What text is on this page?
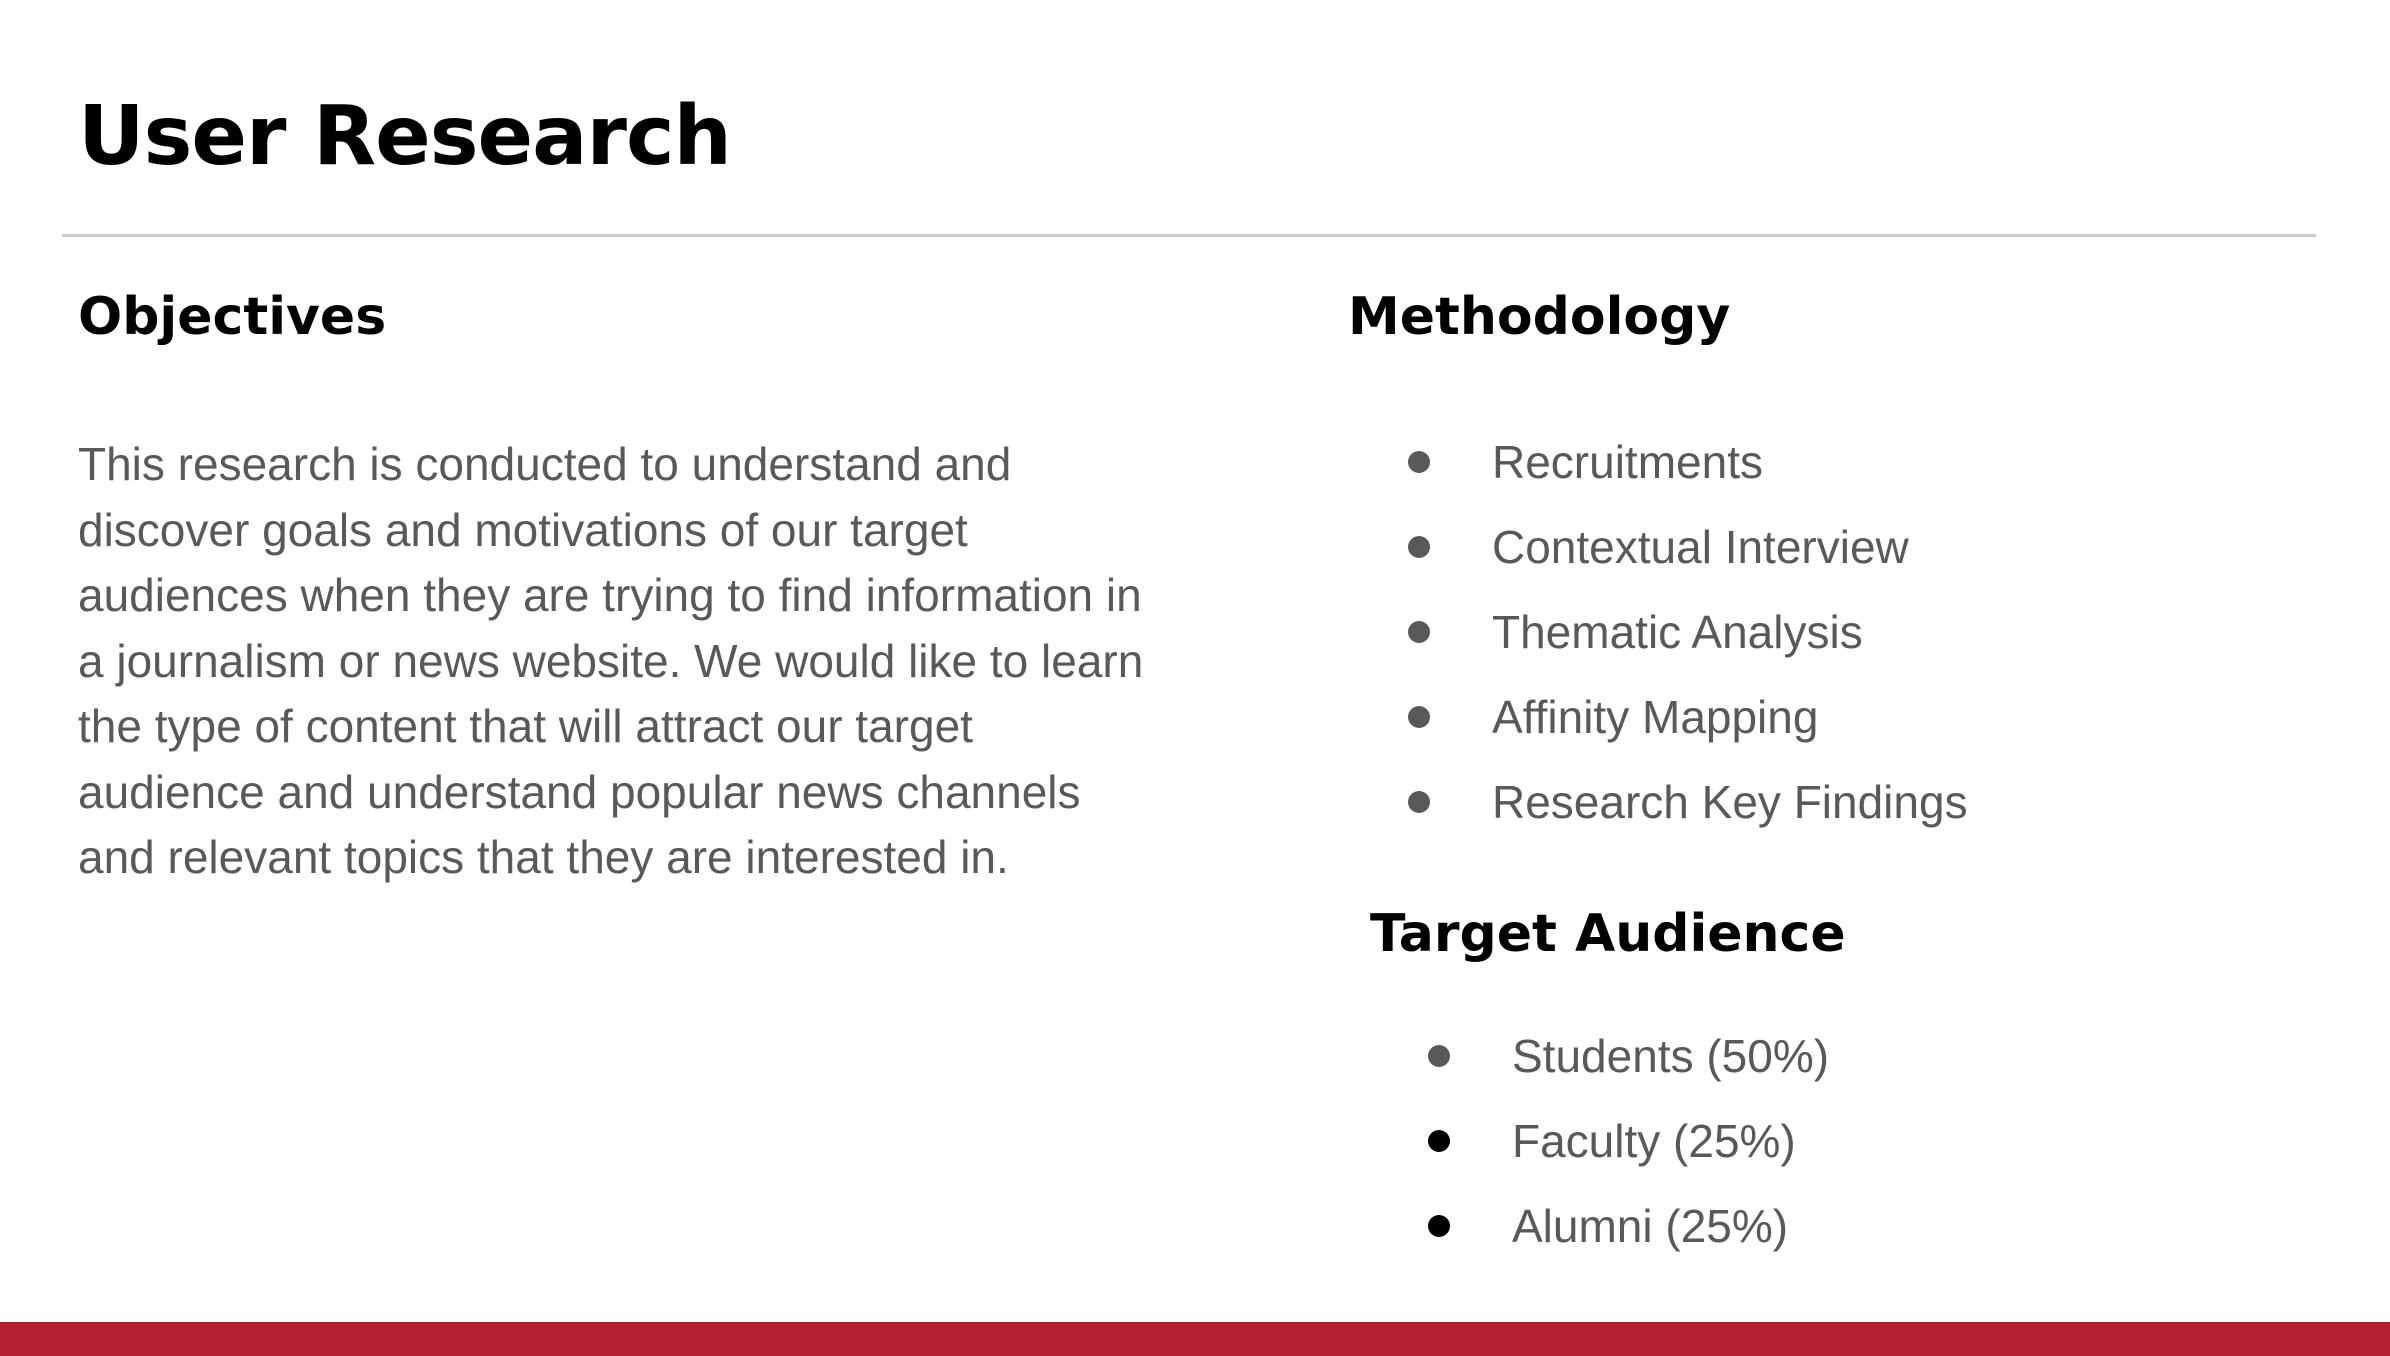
User Research
Objectives

This research is conducted to understand and discover goals and motivations of our target audiences when they are trying to find information in a journalism or news website. We would like to learn the type of content that will attract our target audience and understand popular news channels and relevant topics that they are interested in.

Methodology
Recruitments
Contextual Interview
Thematic Analysis
Affinity Mapping
Research Key Findings
Target Audience
Students (50%)
Faculty (25%)
Alumni (25%)
